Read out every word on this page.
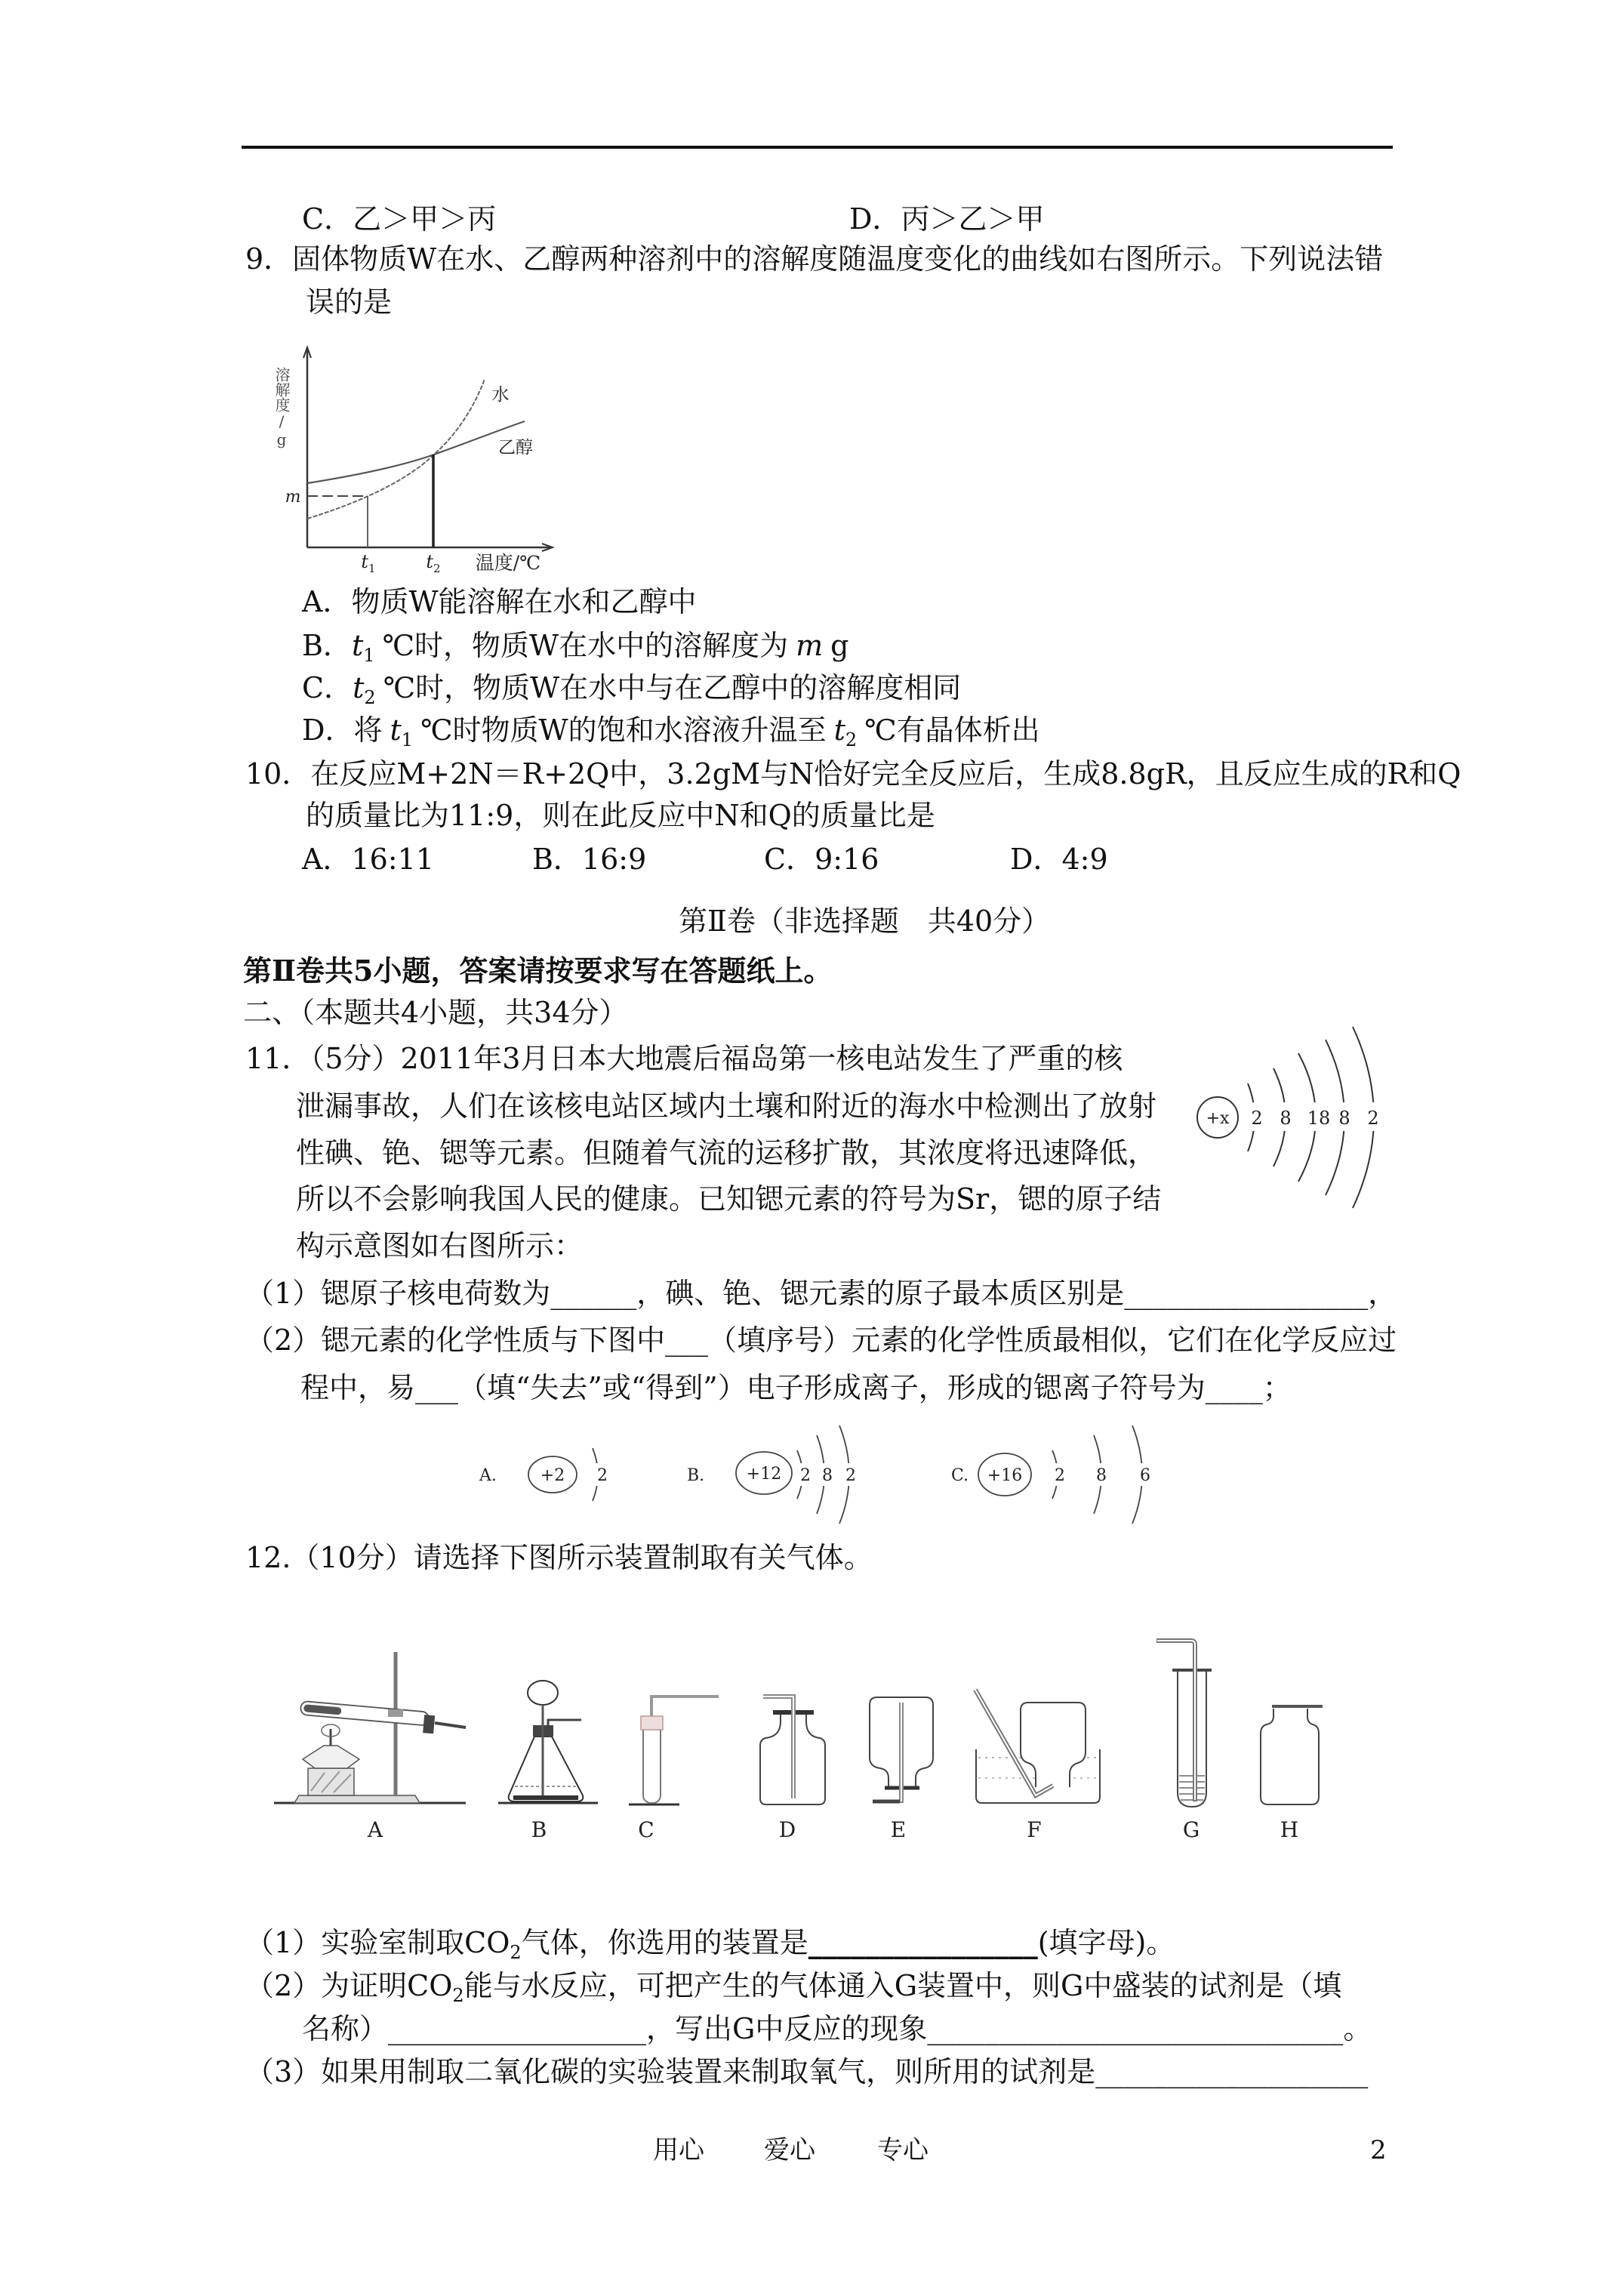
C．乙＞甲＞丙	D．丙＞乙＞甲
9．固体物质W在水、乙醇两种溶剂中的溶解度随温度变化的曲线如右图所示。下列说法错
误的是
溶解度/g
m
$t_1$	$t_2$ 温度/℃
水
乙醇
A．物质W能溶解在水和乙醇中
B．$t_1$ ℃时，物质W在水中的溶解度为 m g
C．$t_2$ ℃时，物质W在水中与在乙醇中的溶解度相同
D．将 $t_1$ ℃时物质W的饱和水溶液升温至 $t_2$ ℃有晶体析出
10．在反应M+2N＝R+2Q中，3.2gM与N恰好完全反应后，生成8.8gR，且反应生成的R和Q
的质量比为11:9，则在此反应中N和Q的质量比是
A．16:11	B．16:9	C．9:16	D．4:9
第Ⅱ卷（非选择题　共40分）
第Ⅱ卷共5小题，答案请按要求写在答题纸上。
二、（本题共4小题，共34分）
11．（5分）2011年3月日本大地震后福岛第一核电站发生了严重的核
泄漏事故，人们在该核电站区域内土壤和附近的海水中检测出了放射
性碘、铯、锶等元素。但随着气流的运移扩散，其浓度将迅速降低，
所以不会影响我国人民的健康。已知锶元素的符号为Sr，锶的原子结
构示意图如右图所示：
+x 2 8 18 8 2
（1）锶原子核电荷数为______，碘、铯、锶元素的原子最本质区别是_________________，
（2）锶元素的化学性质与下图中___（填序号）元素的化学性质最相似，它们在化学反应过
程中，易___（填“失去”或“得到”）电子形成离子，形成的锶离子符号为____；
A.	+2 2	B.	+12 2 8 2	C. +16 2 8 6
12.（10分）请选择下图所示装置制取有关气体。
A	B	C	D	E	F	G	H
（1）实验室制取$CO_2$气体，你选用的装置是________________(填字母)。
（2）为证明$CO_2$能与水反应，可把产生的气体通入G装置中，则G中盛装的试剂是（填
名称）__________________，写出G中反应的现象_____________________________。
（3）如果用制取二氧化碳的实验装置来制取氧气，则所用的试剂是___________________
用心 爱心 专心	2
